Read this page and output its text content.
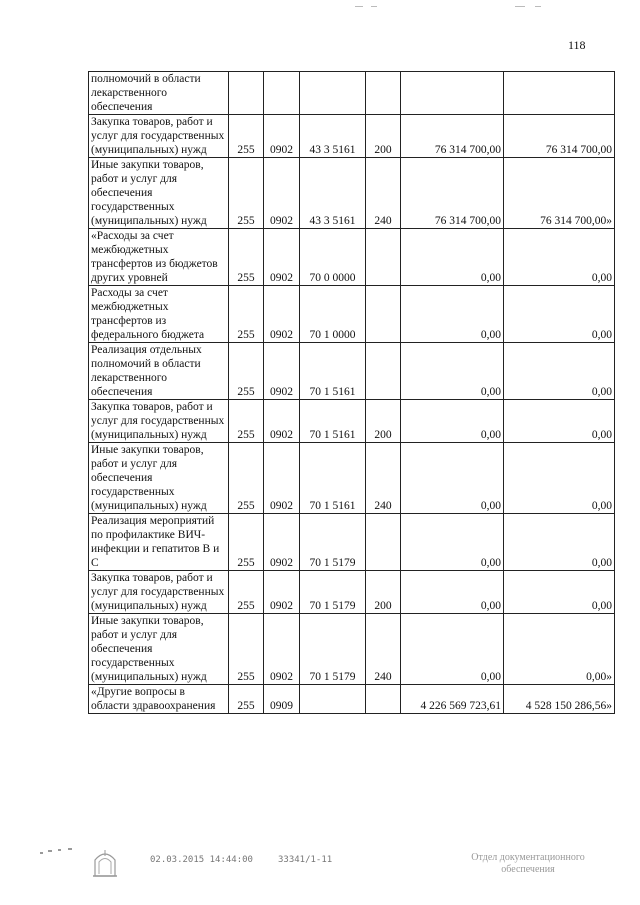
118
полномочий в области лекарственного обеспечения						
Закупка товаров, работ и услуг для государственных (муниципальных) нужд	255	0902	43 3 5161	200	76 314 700,00	76 314 700,00
Иные закупки товаров, работ и услуг для обеспечения государственных (муниципальных) нужд	255	0902	43 3 5161	240	76 314 700,00	76 314 700,00»
«Расходы за счет межбюджетных трансфертов из бюджетов других уровней	255	0902	70 0 0000		0,00	0,00
Расходы за счет межбюджетных трансфертов из федерального бюджета	255	0902	70 1 0000		0,00	0,00
Реализация отдельных полномочий в области лекарственного обеспечения	255	0902	70 1 5161		0,00	0,00
Закупка товаров, работ и услуг для государственных (муниципальных) нужд	255	0902	70 1 5161	200	0,00	0,00
Иные закупки товаров, работ и услуг для обеспечения государственных (муниципальных) нужд	255	0902	70 1 5161	240	0,00	0,00
Реализация мероприятий по профилактике ВИЧ-инфекции и гепатитов В и С	255	0902	70 1 5179		0,00	0,00
Закупка товаров, работ и услуг для государственных (муниципальных) нужд	255	0902	70 1 5179	200	0,00	0,00
Иные закупки товаров, работ и услуг для обеспечения государственных (муниципальных) нужд	255	0902	70 1 5179	240	0,00	0,00»
«Другие вопросы в области здравоохранения	255	0909			4 226 569 723,61	4 528 150 286,56»
02.03.2015 14:44:00	33341/1-11	Отдел документационного обеспечения
